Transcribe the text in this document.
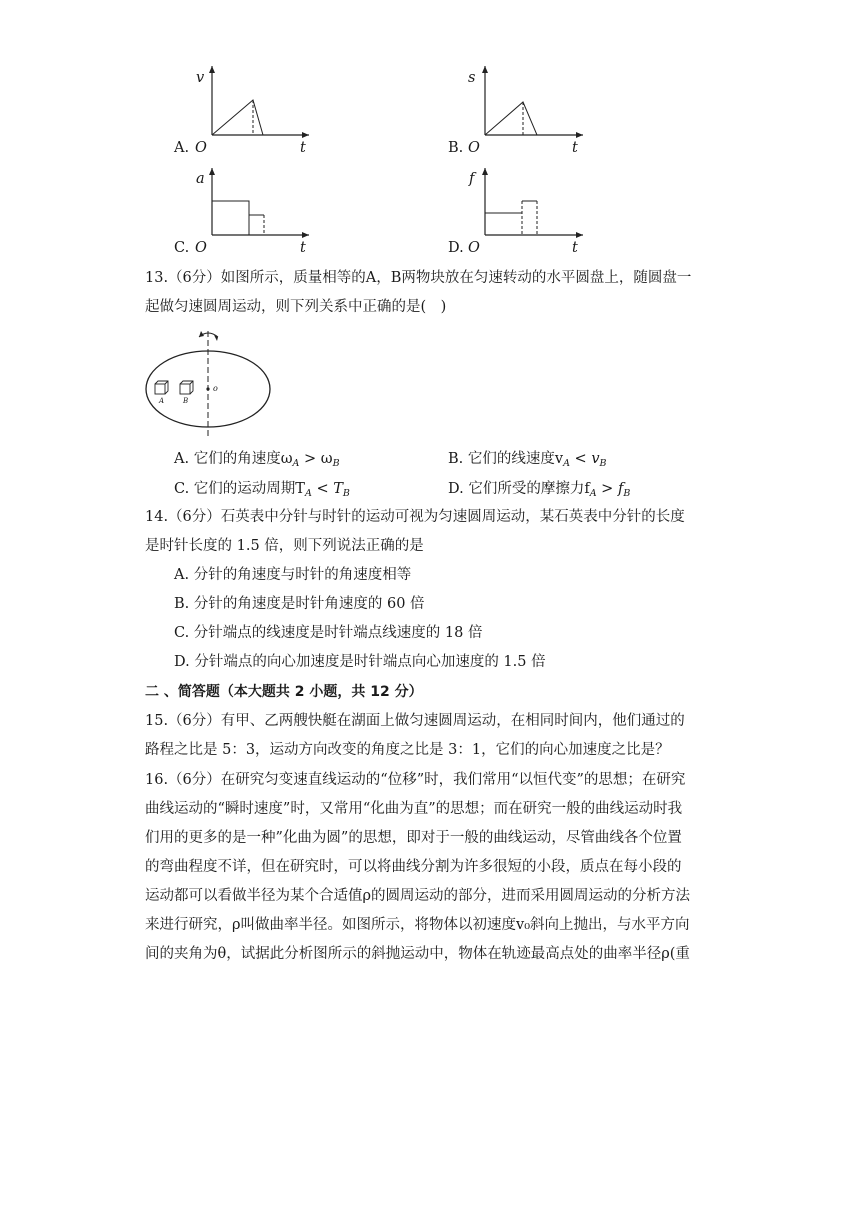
A.
v
O	t	B.
s
O	t
C.
a
O	t	D.
f
O	t
13.（6分）如图所示，质量相等的A，B两物块放在匀速转动的水平圆盘上，随圆盘一
起做匀速圆周运动，则下列关系中正确的是(　)
A	B
o
A. 它们的角速度$\omega_A > \omega_B$	B. 它们的线速度$v_A < v_B$
C. 它们的运动周期$T_A < T_B$	D. 它们所受的摩擦力$f_A > f_B$
14.（6分）石英表中分针与时针的运动可视为匀速圆周运动，某石英表中分针的长度
是时针长度的 1.5 倍，则下列说法正确的是
A. 分针的角速度与时针的角速度相等
B. 分针的角速度是时针角速度的 60 倍
C. 分针端点的线速度是时针端点线速度的 18 倍
D. 分针端点的向心加速度是时针端点向心加速度的 1.5 倍
二 、简答题（本大题共 2 小题，共 12 分）
15.（6分）有甲、乙两艘快艇在湖面上做匀速圆周运动，在相同时间内，他们通过的
路程之比是 5：3，运动方向改变的角度之比是 3：1，它们的向心加速度之比是？
16.（6分）在研究匀变速直线运动的“位移”时，我们常用“以恒代变”的思想；在研究
曲线运动的“瞬时速度”时，又常用“化曲为直”的思想；而在研究一般的曲线运动时我
们用的更多的是一种”化曲为圆”的思想，即对于一般的曲线运动，尽管曲线各个位置
的弯曲程度不详，但在研究时，可以将曲线分割为许多很短的小段，质点在每小段的
运动都可以看做半径为某个合适值ρ的圆周运动的部分，进而采用圆周运动的分析方法
来进行研究，ρ叫做曲率半径。如图所示，将物体以初速度v₀斜向上抛出，与水平方向
间的夹角为θ，试据此分析图所示的斜抛运动中，物体在轨迹最高点处的曲率半径ρ(重
